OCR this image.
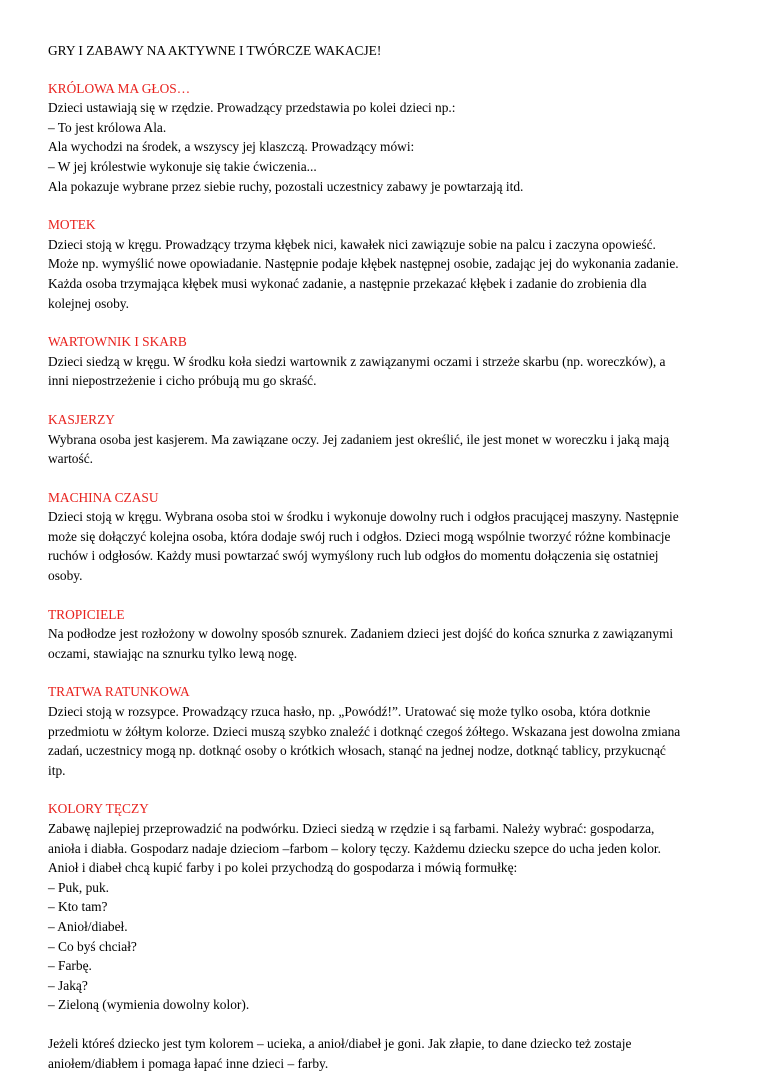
GRY I ZABAWY NA AKTYWNE I TWÓRCZE WAKACJE!
KRÓLOWA MA GŁOS…
Dzieci ustawiają się w rzędzie. Prowadzący przedstawia po kolei dzieci np.:
– To jest królowa Ala.
Ala wychodzi na środek, a wszyscy jej klaszczą. Prowadzący mówi:
– W jej królestwie wykonuje się takie ćwiczenia...
Ala pokazuje wybrane przez siebie ruchy, pozostali uczestnicy zabawy je powtarzają itd.
MOTEK
Dzieci stoją w kręgu. Prowadzący trzyma kłębek nici, kawałek nici zawiązuje sobie na palcu i zaczyna opowieść.
Może np. wymyślić nowe opowiadanie. Następnie podaje kłębek następnej osobie, zadając jej do wykonania zadanie.
Każda osoba trzymająca kłębek musi wykonać zadanie, a następnie przekazać kłębek i zadanie do zrobienia dla
kolejnej osoby.
WARTOWNIK I SKARB
Dzieci siedzą w kręgu. W środku koła siedzi wartownik z zawiązanymi oczami i strzeże skarbu (np. woreczków), a
inni niepostrzeżenie i cicho próbują mu go skraść.
KASJERZY
Wybrana osoba jest kasjerem. Ma zawiązane oczy. Jej zadaniem jest określić, ile jest monet w woreczku i jaką mają
wartość.
MACHINA CZASU
Dzieci stoją w kręgu. Wybrana osoba stoi w środku i wykonuje dowolny ruch i odgłos pracującej maszyny. Następnie
może się dołączyć kolejna osoba, która dodaje swój ruch i odgłos. Dzieci mogą wspólnie tworzyć różne kombinacje
ruchów i odgłosów. Każdy musi powtarzać swój wymyślony ruch lub odgłos do momentu dołączenia się ostatniej
osoby.
TROPICIELE
Na podłodze jest rozłożony w dowolny sposób sznurek. Zadaniem dzieci jest dojść do końca sznurka z zawiązanymi
oczami, stawiając na sznurku tylko lewą nogę.
TRATWA RATUNKOWA
Dzieci stoją w rozsypce. Prowadzący rzuca hasło, np. „Powódź!”. Uratować się może tylko osoba, która dotknie
przedmiotu w żółtym kolorze. Dzieci muszą szybko znaleźć i dotknąć czegoś żółtego. Wskazana jest dowolna zmiana
zadań, uczestnicy mogą np. dotknąć osoby o krótkich włosach, stanąć na jednej nodze, dotknąć tablicy, przykucnąć
itp.
KOLORY TĘCZY
Zabawę najlepiej przeprowadzić na podwórku. Dzieci siedzą w rzędzie i są farbami. Należy wybrać: gospodarza,
anioła i diabła. Gospodarz nadaje dzieciom –farbom – kolory tęczy. Każdemu dziecku szepce do ucha jeden kolor.
Anioł i diabeł chcą kupić farby i po kolei przychodzą do gospodarza i mówią formułkę:
– Puk, puk.
– Kto tam?
– Anioł/diabeł.
– Co byś chciał?
– Farbę.
– Jaką?
– Zieloną (wymienia dowolny kolor).
Jeżeli któreś dziecko jest tym kolorem – ucieka, a anioł/diabeł je goni. Jak złapie, to dane dziecko też zostaje
aniołem/diabłem i pomaga łapać inne dzieci – farby.
